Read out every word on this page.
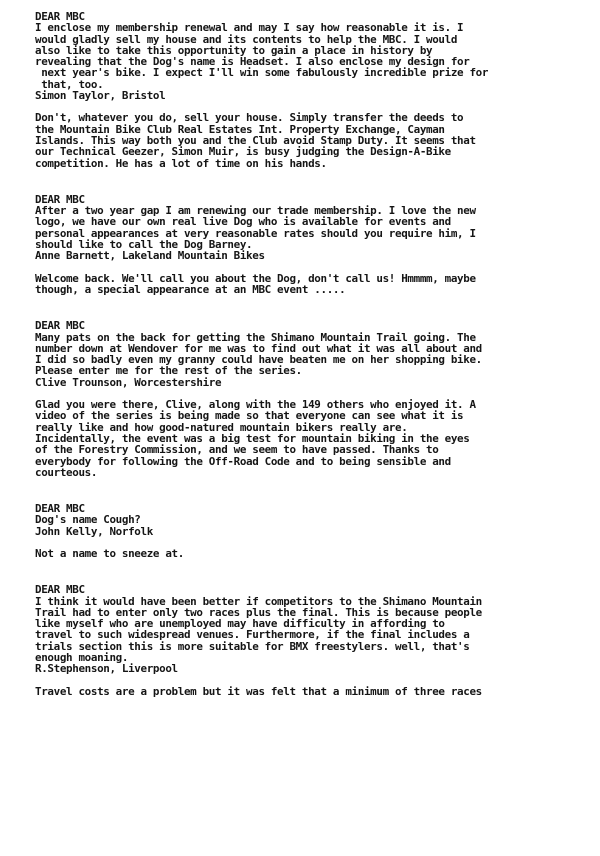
DEAR MBC
I enclose my membership renewal and may I say how reasonable it is. I
would gladly sell my house and its contents to help the MBC. I would
also like to take this opportunity to gain a place in history by
revealing that the Dog's name is Headset. I also enclose my design for
next year's bike. I expect I'll win some fabulously incredible prize for
that, too.
Simon Taylor, Bristol
Don't, whatever you do, sell your house. Simply transfer the deeds to
the Mountain Bike Club Real Estates Int. Property Exchange, Cayman
Islands. This way both you and the Club avoid Stamp Duty. It seems that
our Technical Geezer, Simon Muir, is busy judging the Design-A-Bike
competition. He has a lot of time on his hands.
DEAR MBC
After a two year gap I am renewing our trade membership. I love the new
logo, we have our own real live Dog who is available for events and
personal appearances at very reasonable rates should you require him, I
should like to call the Dog Barney.
Anne Barnett, Lakeland Mountain Bikes
Welcome back. We'll call you about the Dog, don't call us! Hmmmm, maybe
though, a special appearance at an MBC event .....
DEAR MBC
Many pats on the back for getting the Shimano Mountain Trail going. The
number down at Wendover for me was to find out what it was all about and
I did so badly even my granny could have beaten me on her shopping bike.
Please enter me for the rest of the series.
Clive Trounson, Worcestershire
Glad you were there, Clive, along with the 149 others who enjoyed it. A
video of the series is being made so that everyone can see what it is
really like and how good-natured mountain bikers really are.
Incidentally, the event was a big test for mountain biking in the eyes
of the Forestry Commission, and we seem to have passed. Thanks to
everybody for following the Off-Road Code and to being sensible and
courteous.
DEAR MBC
Dog's name Cough?
John Kelly, Norfolk
Not a name to sneeze at.
DEAR MBC
I think it would have been better if competitors to the Shimano Mountain
Trail had to enter only two races plus the final. This is because people
like myself who are unemployed may have difficulty in affording to
travel to such widespread venues. Furthermore, if the final includes a
trials section this is more suitable for BMX freestylers. well, that's
enough moaning.
R.Stephenson, Liverpool
Travel costs are a problem but it was felt that a minimum of three races
